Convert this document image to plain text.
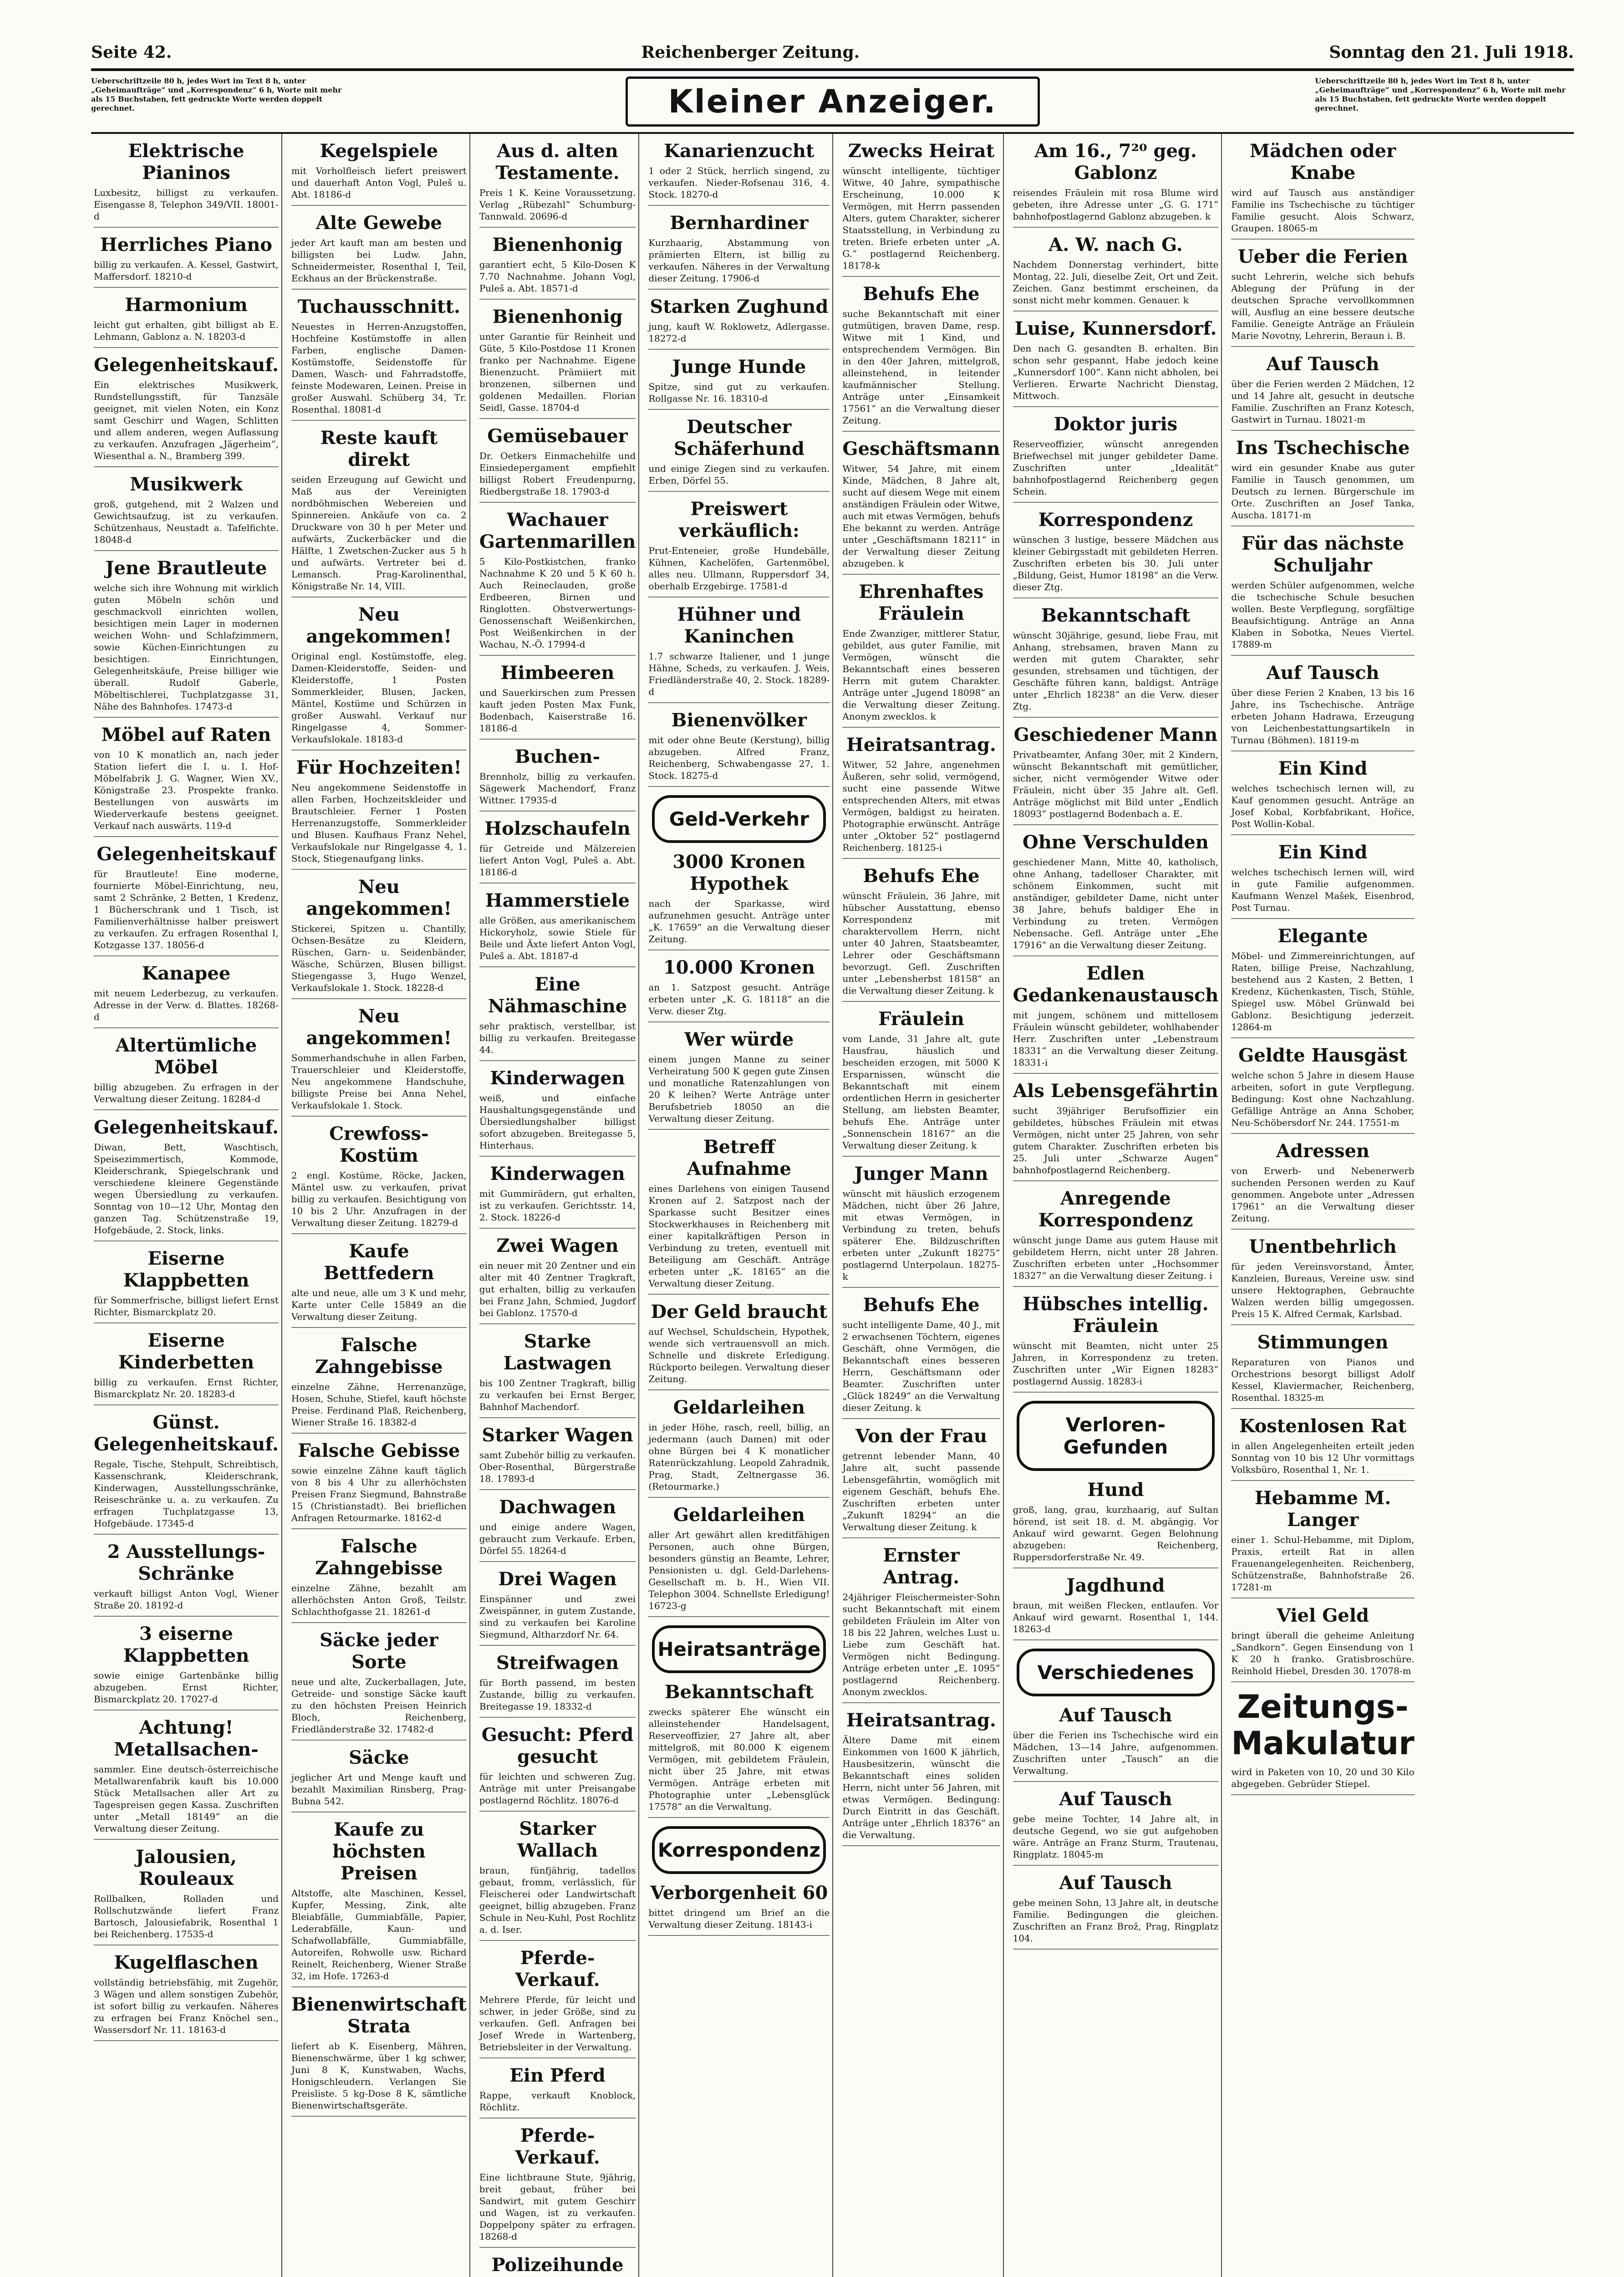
Seite 42.	Reichenberger Zeitung.	Sonntag den 21. Juli 1918.
Ueberschriftzeile 80 h, jedes Wort im Text 8 h, unter „Geheimaufträge“ und „Korrespondenz“ 6 h, Worte mit mehr als 15 Buchstaben, fett gedruckte Worte werden doppelt gerechnet.	Kleiner Anzeiger.
Ueberschriftzeile 80 h, jedes Wort im Text 8 h, unter „Geheimaufträge“ und „Korrespondenz“ 6 h, Worte mit mehr als 15 Buchstaben, fett gedruckte Worte werden doppelt gerechnet.
Elektrische Pianinos
Luxbesitz, billigst zu verkaufen. Eisengasse 8, Telephon 349/VII. 18001-d
Herrliches Piano
billig zu verkaufen. A. Kessel, Gastwirt, Maffersdorf. 18210-d
Harmonium
leicht gut erhalten, gibt billigst ab E. Lehmann, Gablonz a. N. 18203-d
Gelegenheitskauf.
Ein elektrisches Musikwerk, Rundstellungsstift, für Tanzsäle geeignet, mit vielen Noten, ein Konz samt Geschirr und Wagen, Schlitten und allem anderen, wegen Auflassung zu verkaufen. Anzufragen „Jägerheim“, Wiesenthal a. N., Bramberg 399.
Musikwerk
groß, gutgehend, mit 2 Walzen und Gewichtsaufzug, ist zu verkaufen. Schützenhaus, Neustadt a. Tafelfichte. 18048-d
Jene Brautleute
welche sich ihre Wohnung mit wirklich guten Möbeln schön und geschmackvoll einrichten wollen, besichtigen mein Lager in modernen weichen Wohn- und Schlafzimmern, sowie Küchen-Einrichtungen zu besichtigen. Einrichtungen, Gelegenheitskäufe, Preise billiger wie überall. Rudolf Gaberle, Möbeltischlerei, Tuchplatzgasse 31, Nähe des Bahnhofes. 17473-d
Möbel auf Raten
von 10 K monatlich an, nach jeder Station liefert die I. u. I. Hof-Möbelfabrik J. G. Wagner, Wien XV., Königstraße 23. Prospekte franko. Bestellungen von auswärts im Wiederverkaufe bestens geeignet. Verkauf nach auswärts. 119-d
Gelegenheitskauf
für Brautleute! Eine moderne, fournierte Möbel-Einrichtung, neu, samt 2 Schränke, 2 Betten, 1 Kredenz, 1 Bücherschrank und 1 Tisch, ist Familienverhältnisse halber preiswert zu verkaufen. Zu erfragen Rosenthal I, Kotzgasse 137. 18056-d
Kanapee
mit neuem Lederbezug, zu verkaufen. Adresse in der Verw. d. Blattes. 18268-d
Altertümliche Möbel
billig abzugeben. Zu erfragen in der Verwaltung dieser Zeitung. 18284-d
Gelegenheitskauf.
Diwan, Bett, Waschtisch, Speisezimmertisch, Kommode, Kleiderschrank, Spiegelschrank und verschiedene kleinere Gegenstände wegen Übersiedlung zu verkaufen. Sonntag von 10—12 Uhr, Montag den ganzen Tag. Schützenstraße 19, Hofgebäude, 2. Stock, links.
Eiserne Klappbetten
für Sommerfrische, billigst liefert Ernst Richter, Bismarckplatz 20.
Eiserne Kinderbetten
billig zu verkaufen. Ernst Richter, Bismarckplatz Nr. 20. 18283-d
Günst. Gelegenheitskauf.
Regale, Tische, Stehpult, Schreibtisch, Kassenschrank, Kleiderschrank, Kinderwagen, Ausstellungsschränke, Reiseschränke u. a. zu verkaufen. Zu erfragen Tuchplatzgasse 13, Hofgebäude. 17345-d
2 Ausstellungs-Schränke
verkauft billigst Anton Vogl, Wiener Straße 20. 18192-d
3 eiserne Klappbetten
sowie einige Gartenbänke billig abzugeben. Ernst Richter, Bismarckplatz 20. 17027-d
Achtung! Metallsachen-
sammler. Eine deutsch-österreichische Metallwarenfabrik kauft bis 10.000 Stück Metallsachen aller Art zu Tagespreisen gegen Kassa. Zuschriften unter „Metall 18149“ an die Verwaltung dieser Zeitung.
Jalousien, Rouleaux
Rollbalken, Rolladen und Rollschutzwände liefert Franz Bartosch, Jalousiefabrik, Rosenthal 1 bei Reichenberg. 17535-d
Kugelflaschen
vollständig betriebsfähig, mit Zugehör, 3 Wägen und allem sonstigen Zubehör, ist sofort billig zu verkaufen. Näheres zu erfragen bei Franz Knöchel sen., Wassersdorf Nr. 11. 18163-d
Kegelspiele
mit Vorholfleisch liefert preiswert und dauerhaft Anton Vogl, Puleš u. Abt. 18186-d
Alte Gewebe
jeder Art kauft man am besten und billigsten bei Ludw. Jahn, Schneidermeister, Rosenthal I, Teil, Eckhaus an der Brückenstraße.
Tuchausschnitt.
Neuestes in Herren-Anzugstoffen, Hochfeine Kostümstoffe in allen Farben, englische Damen-Kostümstoffe, Seidenstoffe für Damen, Wasch- und Fahrradstoffe, feinste Modewaren, Leinen. Preise in großer Auswahl. Schüberg 34, Tr. Rosenthal. 18081-d
Reste kauft direkt
seiden Erzeugung auf Gewicht und Maß aus der Vereinigten nordböhmischen Webereien und Spinnereien. Ankäufe von ca. 2 Druckware von 30 h per Meter und aufwärts, Zuckerbäcker und die Hälfte, 1 Zwetschen-Zucker aus 5 h und aufwärts. Vertreter bei d. Lemansch. Prag-Karolinenthal, Königstraße Nr. 14, VIII.
Neu angekommen!
Original engl. Kostümstoffe, eleg. Damen-Kleiderstoffe, Seiden- und Kleiderstoffe, 1 Posten Sommerkleider, Blusen, Jacken, Mäntel, Kostüme und Schürzen in großer Auswahl. Verkauf nur Ringelgasse 4, Sommer-Verkaufslokale. 18183-d
Für Hochzeiten!
Neu angekommene Seidenstoffe in allen Farben, Hochzeitskleider und Brautschleier. Ferner 1 Posten Herrenanzugstoffe, Sommerkleider und Blusen. Kaufhaus Franz Nehel, Verkaufslokale nur Ringelgasse 4, 1. Stock, Stiegenaufgang links.
Neu angekommen!
Stickerei, Spitzen u. Chantilly, Ochsen-Besätze zu Kleidern, Rüschen, Garn- u. Seidenbänder, Wäsche, Schürzen, Blusen billigst. Stiegengasse 3, Hugo Wenzel, Verkaufslokale 1. Stock. 18228-d
Neu angekommen!
Sommerhandschuhe in allen Farben, Trauerschleier und Kleiderstoffe, Neu angekommene Handschuhe, billigste Preise bei Anna Nehel, Verkaufslokale 1. Stock.
Crewfoss-Kostüm
2 engl. Kostüme, Röcke, Jacken, Mäntel usw. zu verkaufen, privat billig zu verkaufen. Besichtigung von 10 bis 2 Uhr. Anzufragen in der Verwaltung dieser Zeitung. 18279-d
Kaufe Bettfedern
alte und neue, alle um 3 K und mehr, Karte unter Celle 15849 an die Verwaltung dieser Zeitung.
Falsche Zahngebisse
einzelne Zähne, Herrenanzüge, Hosen, Schuhe, Stiefel, kauft höchste Preise. Ferdinand Plaß, Reichenberg, Wiener Straße 16. 18382-d
Falsche Gebisse
sowie einzelne Zähne kauft täglich von 8 bis 4 Uhr zu allerhöchsten Preisen Franz Siegmund, Bahnstraße 15 (Christianstadt). Bei brieflichen Anfragen Retourmarke. 18162-d
Falsche Zahngebisse
einzelne Zähne, bezahlt am allerhöchsten Anton Groß, Teilstr. Schlachthofgasse 21. 18261-d
Säcke jeder Sorte
neue und alte, Zuckerballagen, Jute, Getreide- und sonstige Säcke kauft zu den höchsten Preisen Heinrich Bloch, Reichenberg, Friedländerstraße 32. 17482-d
Säcke
jeglicher Art und Menge kauft und bezahlt Maximilian Rinsberg, Prag-Bubna 542.
Kaufe zu höchsten Preisen
Altstoffe, alte Maschinen, Kessel, Kupfer, Messing, Zink, alte Bleiabfälle, Gummiabfälle, Papier, Lederabfälle, Kaun- und Schafwollabfälle, Gummiabfälle, Autoreifen, Rohwolle usw. Richard Reinelt, Reichenberg, Wiener Straße 32, im Hofe. 17263-d
Bienenwirtschaft Strata
liefert ab K. Eisenberg, Mähren, Bienenschwärme, über 1 kg schwer, Juni 8 K, Kunstwaben, Wachs, Honigschleudern. Verlangen Sie Preisliste. 5 kg-Dose 8 K, sämtliche Bienenwirtschaftsgeräte.
Aus d. alten Testamente.
Preis 1 K. Keine Voraussetzung. Verlag „Rübezahl“ Schumburg-Tannwald. 20696-d
Bienenhonig
garantiert echt, 5 Kilo-Dosen K 7.70 Nachnahme. Johann Vogl, Puleš a. Abt. 18571-d
Bienenhonig
unter Garantie für Reinheit und Güte, 5 Kilo-Postdose 11 Kronen franko per Nachnahme. Eigene Bienenzucht. Prämiiert mit bronzenen, silbernen und goldenen Medaillen. Florian Seidl, Gasse. 18704-d
Gemüsebauer
Dr. Oetkers Einmachehilfe und Einsiedepergament empfiehlt billigst Robert Freudenpurng, Riedbergstraße 18. 17903-d
Wachauer Gartenmarillen
5 Kilo-Postkistchen, franko Nachnahme K 20 und 5 K 60 h. Auch Reineclauden, große Erdbeeren, Birnen und Ringlotten. Obstverwertungs-Genossenschaft Weißenkirchen, Post Weißenkirchen in der Wachau, N.-Ö. 17994-d
Himbeeren
und Sauerkirschen zum Pressen kauft jeden Posten Max Funk, Bodenbach, Kaiserstraße 16. 18186-d
Buchen-
Brennholz, billig zu verkaufen. Sägewerk Machendorf, Franz Wittner. 17935-d
Holzschaufeln
für Getreide und Mälzereien liefert Anton Vogl, Puleš a. Abt. 18186-d
Hammerstiele
alle Größen, aus amerikanischem Hickoryholz, sowie Stiele für Beile und Äxte liefert Anton Vogl, Puleš a. Abt. 18187-d
Eine Nähmaschine
sehr praktisch, verstellbar, ist billig zu verkaufen. Breitegasse 44.
Kinderwagen
weiß, und einfache Haushaltungsgegenstände und Übersiedlungshalber billigst sofort abzugeben. Breitegasse 5, Hinterhaus.
Kinderwagen
mit Gummirädern, gut erhalten, ist zu verkaufen. Gerichtsstr. 14, 2. Stock. 18226-d
Zwei Wagen
ein neuer mit 20 Zentner und ein alter mit 40 Zentner Tragkraft, gut erhalten, billig zu verkaufen bei Franz Jahn, Schmied, Jugdorf bei Gablonz. 17570-d
Starke Lastwagen
bis 100 Zentner Tragkraft, billig zu verkaufen bei Ernst Berger, Bahnhof Machendorf.
Starker Wagen
samt Zubehör billig zu verkaufen. Ober-Rosenthal, Bürgerstraße 18. 17893-d
Dachwagen
und einige andere Wagen, gebraucht zum Verkaufe. Erben, Dörfel 55. 18264-d
Drei Wagen
Einspänner und zwei Zweispänner, in gutem Zustande, sind zu verkaufen bei Karoline Siegmund, Altharzdorf Nr. 64.
Streifwagen
für Borth passend, im besten Zustande, billig zu verkaufen. Breitegasse 19. 18332-d
Gesucht: Pferd gesucht
für leichten und schweren Zug. Anträge mit unter Preisangabe postlagernd Röchlitz. 18076-d
Starker Wallach
braun, fünfjährig, tadellos gebaut, fromm, verlässlich, für Fleischerei oder Landwirtschaft geeignet, billig abzugeben. Franz Schule in Neu-Kuhl, Post Rochlitz a. d. Iser.
Pferde-Verkauf.
Mehrere Pferde, für leicht und schwer, in jeder Größe, sind zu verkaufen. Gefl. Anfragen bei Josef Wrede in Wartenberg, Betriebsleiter in der Verwaltung.
Ein Pferd
Rappe, verkauft Knoblock, Röchlitz.
Pferde-Verkauf.
Eine lichtbraune Stute, 9jährig, breit gebaut, früher bei Sandwirt, mit gutem Geschirr und Wagen, ist zu verkaufen. Doppelpony später zu erfragen. 18268-d
Polizeihunde
Kanarienzucht
1 oder 2 Stück, herrlich singend, zu verkaufen. Nieder-Rofsenau 316, 4. Stock. 18270-d
Bernhardiner
Kurzhaarig, Abstammung von prämierten Eltern, ist billig zu verkaufen. Näheres in der Verwaltung dieser Zeitung. 17906-d
Starken Zughund
jung, kauft W. Roklowetz, Adlergasse. 18272-d
Junge Hunde
Spitze, sind gut zu verkaufen. Rollgasse Nr. 16. 18310-d
Deutscher Schäferhund
und einige Ziegen sind zu verkaufen. Erben, Dörfel 55.
Preiswert verkäuflich:
Prut-Enteneier, große Hundebälle, Kühnen, Kachelöfen, Gartenmöbel, alles neu. Ullmann, Ruppersdorf 34, oberhalb Erzgebirge. 17581-d
Hühner und Kaninchen
1.7 schwarze Italiener, und 1 junge Hähne, Scheds, zu verkaufen. J. Weis, Friedländerstraße 40, 2. Stock. 18289-d
Bienenvölker
mit oder ohne Beute (Kerstung), billig abzugeben. Alfred Franz, Reichenberg, Schwabengasse 27, 1. Stock. 18275-d
Geld-Verkehr
3000 Kronen Hypothek
nach der Sparkasse, wird aufzunehmen gesucht. Anträge unter „K. 17659“ an die Verwaltung dieser Zeitung.
10.000 Kronen
an 1. Satzpost gesucht. Anträge erbeten unter „K. G. 18118“ an die Verw. dieser Ztg.
Wer würde
einem jungen Manne zu seiner Verheiratung 500 K gegen gute Zinsen und monatliche Ratenzahlungen von 20 K leihen? Werte Anträge unter Berufsbetrieb 18050 an die Verwaltung dieser Zeitung.
Betreff Aufnahme
eines Darlehens von einigen Tausend Kronen auf 2. Satzpost nach der Sparkasse sucht Besitzer eines Stockwerkhauses in Reichenberg mit einer kapitalkräftigen Person in Verbindung zu treten, eventuell mit Beteiligung am Geschäft. Anträge erbeten unter „K. 18165“ an die Verwaltung dieser Zeitung.
Der Geld braucht
auf Wechsel, Schuldschein, Hypothek, wende sich vertrauensvoll an mich. Schnelle und diskrete Erledigung. Rückporto beilegen. Verwaltung dieser Zeitung.
Geldarleihen
in jeder Höhe, rasch, reell, billig, an jedermann (auch Damen) mit oder ohne Bürgen bei 4 K monatlicher Ratenrückzahlung. Leopold Zahradnik, Prag, Stadt, Zeltnergasse 36. (Retourmarke.)
Geldarleihen
aller Art gewährt allen kreditfähigen Personen, auch ohne Bürgen, besonders günstig an Beamte, Lehrer, Pensionisten u. dgl. Geld-Darlehens-Gesellschaft m. b. H., Wien VII. Telephon 3004. Schnellste Erledigung! 16723-g
Heiratsanträge
Bekanntschaft
zwecks späterer Ehe wünscht ein alleinstehender Handelsagent, Reserveoffizier, 27 Jahre alt, aber mittelgroß, mit 80.000 K eigenem Vermögen, mit gebildetem Fräulein, nicht über 25 Jahre, mit etwas Vermögen. Anträge erbeten mit Photographie unter „Lebensglück 17578“ an die Verwaltung.
Korrespondenz
Verborgenheit 60
bittet dringend um Brief an die Verwaltung dieser Zeitung. 18143-i
Zwecks Heirat
wünscht intelligente, tüchtiger Witwe, 40 Jahre, sympathische Erscheinung, 10.000 K Vermögen, mit Herrn passenden Alters, gutem Charakter, sicherer Staatsstellung, in Verbindung zu treten. Briefe erbeten unter „A. G.“ postlagernd Reichenberg. 18178-k
Behufs Ehe
suche Bekanntschaft mit einer gutmütigen, braven Dame, resp. Witwe mit 1 Kind, und entsprechendem Vermögen. Bin in den 40er Jahren, mittelgroß, alleinstehend, in leitender kaufmännischer Stellung. Anträge unter „Einsamkeit 17561“ an die Verwaltung dieser Zeitung.
Geschäftsmann
Witwer, 54 Jahre, mit einem Kinde, Mädchen, 8 Jahre alt, sucht auf diesem Wege mit einem anständigen Fräulein oder Witwe, auch mit etwas Vermögen, behufs Ehe bekannt zu werden. Anträge unter „Geschäftsmann 18211“ in der Verwaltung dieser Zeitung abzugeben. k
Ehrenhaftes Fräulein
Ende Zwanziger, mittlerer Statur, gebildet, aus guter Familie, mit Vermögen, wünscht die Bekanntschaft eines besseren Herrn mit gutem Charakter. Anträge unter „Jugend 18098“ an die Verwaltung dieser Zeitung. Anonym zwecklos. k
Heiratsantrag.
Witwer, 52 Jahre, angenehmen Äußeren, sehr solid, vermögend, sucht eine passende Witwe entsprechenden Alters, mit etwas Vermögen, baldigst zu heiraten. Photographie erwünscht. Anträge unter „Oktober 52“ postlagernd Reichenberg. 18125-i
Behufs Ehe
wünscht Fräulein, 36 Jahre, mit hübscher Ausstattung, ebenso Korrespondenz mit charaktervollem Herrn, nicht unter 40 Jahren, Staatsbeamter, Lehrer oder Geschäftsmann bevorzugt. Gefl. Zuschriften unter „Lebensherbst 18158“ an die Verwaltung dieser Zeitung. k
Fräulein
vom Lande, 31 Jahre alt, gute Hausfrau, häuslich und bescheiden erzogen, mit 5000 K Ersparnissen, wünscht die Bekanntschaft mit einem ordentlichen Herrn in gesicherter Stellung, am liebsten Beamter, behufs Ehe. Anträge unter „Sonnenschein 18167“ an die Verwaltung dieser Zeitung. k
Junger Mann
wünscht mit häuslich erzogenem Mädchen, nicht über 26 Jahre, mit etwas Vermögen, in Verbindung zu treten, behufs späterer Ehe. Bildzuschriften erbeten unter „Zukunft 18275“ postlagernd Unterpolaun. 18275-k
Behufs Ehe
sucht intelligente Dame, 40 J., mit 2 erwachsenen Töchtern, eigenes Geschäft, ohne Vermögen, die Bekanntschaft eines besseren Herrn, Geschäftsmann oder Beamter. Zuschriften unter „Glück 18249“ an die Verwaltung dieser Zeitung. k
Von der Frau
getrennt lebender Mann, 40 Jahre alt, sucht passende Lebensgefährtin, womöglich mit eigenem Geschäft, behufs Ehe. Zuschriften erbeten unter „Zukunft 18294“ an die Verwaltung dieser Zeitung. k
Ernster Antrag.
24jähriger Fleischermeister-Sohn sucht Bekanntschaft mit einem gebildeten Fräulein im Alter von 18 bis 22 Jahren, welches Lust u. Liebe zum Geschäft hat. Vermögen nicht Bedingung. Anträge erbeten unter „E. 1095“ postlagernd Reichenberg. Anonym zwecklos.
Heiratsantrag.
Ältere Dame mit einem Einkommen von 1600 K jährlich, Hausbesitzerin, wünscht die Bekanntschaft eines soliden Herrn, nicht unter 56 Jahren, mit etwas Vermögen. Bedingung: Durch Eintritt in das Geschäft. Anträge unter „Ehrlich 18376“ an die Verwaltung.
Am 16., 7²⁰ geg. Gablonz
reisendes Fräulein mit rosa Blume wird gebeten, ihre Adresse unter „G. G. 171“ bahnhofpostlagernd Gablonz abzugeben. k
A. W. nach G.
Nachdem Donnerstag verhindert, bitte Montag, 22. Juli, dieselbe Zeit, Ort und Zeit. Zeichen. Ganz bestimmt erscheinen, da sonst nicht mehr kommen. Genauer. k
Luise, Kunnersdorf.
Den nach G. gesandten B. erhalten. Bin schon sehr gespannt, Habe jedoch keine „Kunnersdorf 100“. Kann nicht abholen, bei Verlieren. Erwarte Nachricht Dienstag, Mittwoch.
Doktor juris
Reserveoffizier, wünscht anregenden Briefwechsel mit junger gebildeter Dame. Zuschriften unter „Idealität“ bahnhofpostlagernd Reichenberg gegen Schein.
Korrespondenz
wünschen 3 lustige, bessere Mädchen aus kleiner Gebirgsstadt mit gebildeten Herren. Zuschriften erbeten bis 30. Juli unter „Bildung, Geist, Humor 18198“ an die Verw. dieser Ztg.
Bekanntschaft
wünscht 30jährige, gesund, liebe Frau, mit Anhang, strebsamen, braven Mann zu werden mit gutem Charakter, sehr gesunden, strebsamen und tüchtigen, der Geschäfte führen kann, baldigst. Anträge unter „Ehrlich 18238“ an die Verw. dieser Ztg.
Geschiedener Mann
Privatbeamter, Anfang 30er, mit 2 Kindern, wünscht Bekanntschaft mit gemütlicher, sicher, nicht vermögender Witwe oder Fräulein, nicht über 35 Jahre alt. Gefl. Anträge möglichst mit Bild unter „Endlich 18093“ postlagernd Bodenbach a. E.
Ohne Verschulden
geschiedener Mann, Mitte 40, katholisch, ohne Anhang, tadelloser Charakter, mit schönem Einkommen, sucht mit anständiger, gebildeter Dame, nicht unter 38 Jahre, behufs baldiger Ehe in Verbindung zu treten. Vermögen Nebensache. Gefl. Anträge unter „Ehe 17916“ an die Verwaltung dieser Zeitung.
Edlen Gedankenaustausch
mit jungem, schönem und mittellosem Fräulein wünscht gebildeter, wohlhabender Herr. Zuschriften unter „Lebenstraum 18331“ an die Verwaltung dieser Zeitung. 18331-i
Als Lebensgefährtin
sucht 39jähriger Berufsoffizier ein gebildetes, hübsches Fräulein mit etwas Vermögen, nicht unter 25 Jahren, von sehr gutem Charakter. Zuschriften erbeten bis 25. Juli unter „Schwarze Augen“ bahnhofpostlagernd Reichenberg.
Anregende Korrespondenz
wünscht junge Dame aus gutem Hause mit gebildetem Herrn, nicht unter 28 Jahren. Zuschriften erbeten unter „Hochsommer 18327“ an die Verwaltung dieser Zeitung. i
Hübsches intellig. Fräulein
wünscht mit Beamten, nicht unter 25 Jahren, in Korrespondenz zu treten. Zuschriften unter „Wir Eignen 18283“ postlagernd Aussig. 18283-i
Verloren-Gefunden
Hund
groß, lang, grau, kurzhaarig, auf Sultan hörend, ist seit 18. d. M. abgängig. Vor Ankauf wird gewarnt. Gegen Belohnung abzugeben: Reichenberg, Ruppersdorferstraße Nr. 49.
Jagdhund
braun, mit weißen Flecken, entlaufen. Vor Ankauf wird gewarnt. Rosenthal 1, 144. 18263-d
Verschiedenes
Auf Tausch
über die Ferien ins Tschechische wird ein Mädchen, 13—14 Jahre, aufgenommen. Zuschriften unter „Tausch“ an die Verwaltung.
Auf Tausch
gebe meine Tochter, 14 Jahre alt, in deutsche Gegend, wo sie gut aufgehoben wäre. Anträge an Franz Sturm, Trautenau, Ringplatz. 18045-m
Auf Tausch
gebe meinen Sohn, 13 Jahre alt, in deutsche Familie. Bedingungen die gleichen. Zuschriften an Franz Brož, Prag, Ringplatz 104.
Mädchen oder Knabe
wird auf Tausch aus anständiger Familie ins Tschechische zu tüchtiger Familie gesucht. Alois Schwarz, Graupen. 18065-m
Ueber die Ferien
sucht Lehrerin, welche sich behufs Ablegung der Prüfung in der deutschen Sprache vervollkommnen will, Ausflug an eine bessere deutsche Familie. Geneigte Anträge an Fräulein Marie Novotny, Lehrerin, Beraun i. B.
Auf Tausch
über die Ferien werden 2 Mädchen, 12 und 14 Jahre alt, gesucht in deutsche Familie. Zuschriften an Franz Kotesch, Gastwirt in Turnau. 18021-m
Ins Tschechische
wird ein gesunder Knabe aus guter Familie in Tausch genommen, um Deutsch zu lernen. Bürgerschule im Orte. Zuschriften an Josef Tanka, Auscha. 18171-m
Für das nächste Schuljahr
werden Schüler aufgenommen, welche die tschechische Schule besuchen wollen. Beste Verpflegung, sorgfältige Beaufsichtigung. Anträge an Anna Klaben in Sobotka, Neues Viertel. 17889-m
Auf Tausch
über diese Ferien 2 Knaben, 13 bis 16 Jahre, ins Tschechische. Anträge erbeten Johann Hadrawa, Erzeugung von Leichenbestattungsartikeln in Turnau (Böhmen). 18119-m
Ein Kind
welches tschechisch lernen will, zu Kauf genommen gesucht. Anträge an Josef Kobal, Korbfabrikant, Hořice, Post Wollin-Kobal.
Ein Kind
welches tschechisch lernen will, wird in gute Familie aufgenommen. Kaufmann Wenzel Mašek, Eisenbrod, Post Turnau.
Elegante
Möbel- und Zimmereinrichtungen, auf Raten, billige Preise, Nachzahlung, bestehend aus 2 Kasten, 2 Betten, 1 Kredenz, Küchenkasten, Tisch, Stühle, Spiegel usw. Möbel Grünwald bei Gablonz. Besichtigung jederzeit. 12864-m
Geldte Hausgäst
welche schon 5 Jahre in diesem Hause arbeiten, sofort in gute Verpflegung. Bedingung: Kost ohne Nachzahlung. Gefällige Anträge an Anna Schober, Neu-Schöbersdorf Nr. 244. 17551-m
Adressen
von Erwerb- und Nebenerwerb suchenden Personen werden zu Kauf genommen. Angebote unter „Adressen 17961“ an die Verwaltung dieser Zeitung.
Unentbehrlich
für jeden Vereinsvorstand, Ämter, Kanzleien, Bureaus, Vereine usw. sind unsere Hektographen, Gebrauchte Walzen werden billig umgegossen. Preis 15 K. Alfred Cermak, Karlsbad.
Stimmungen
Reparaturen von Pianos und Orchestrions besorgt billigst Adolf Kessel, Klaviermacher, Reichenberg, Rosenthal. 18325-m
Kostenlosen Rat
in allen Angelegenheiten erteilt jeden Sonntag von 10 bis 12 Uhr vormittags Volksbüro, Rosenthal 1, Nr. 1.
Hebamme M. Langer
einer 1. Schul-Hebamme, mit Diplom, Praxis, erteilt Rat in allen Frauenangelegenheiten. Reichenberg, Schützenstraße, Bahnhofstraße 26. 17281-m
Viel Geld
bringt überall die geheime Anleitung „Sandkorn“. Gegen Einsendung von 1 K 20 h franko. Gratisbroschüre. Reinhold Hiebel, Dresden 30. 17078-m
Zeitungs-Makulatur
wird in Paketen von 10, 20 und 30 Kilo abgegeben. Gebrüder Stiepel.
